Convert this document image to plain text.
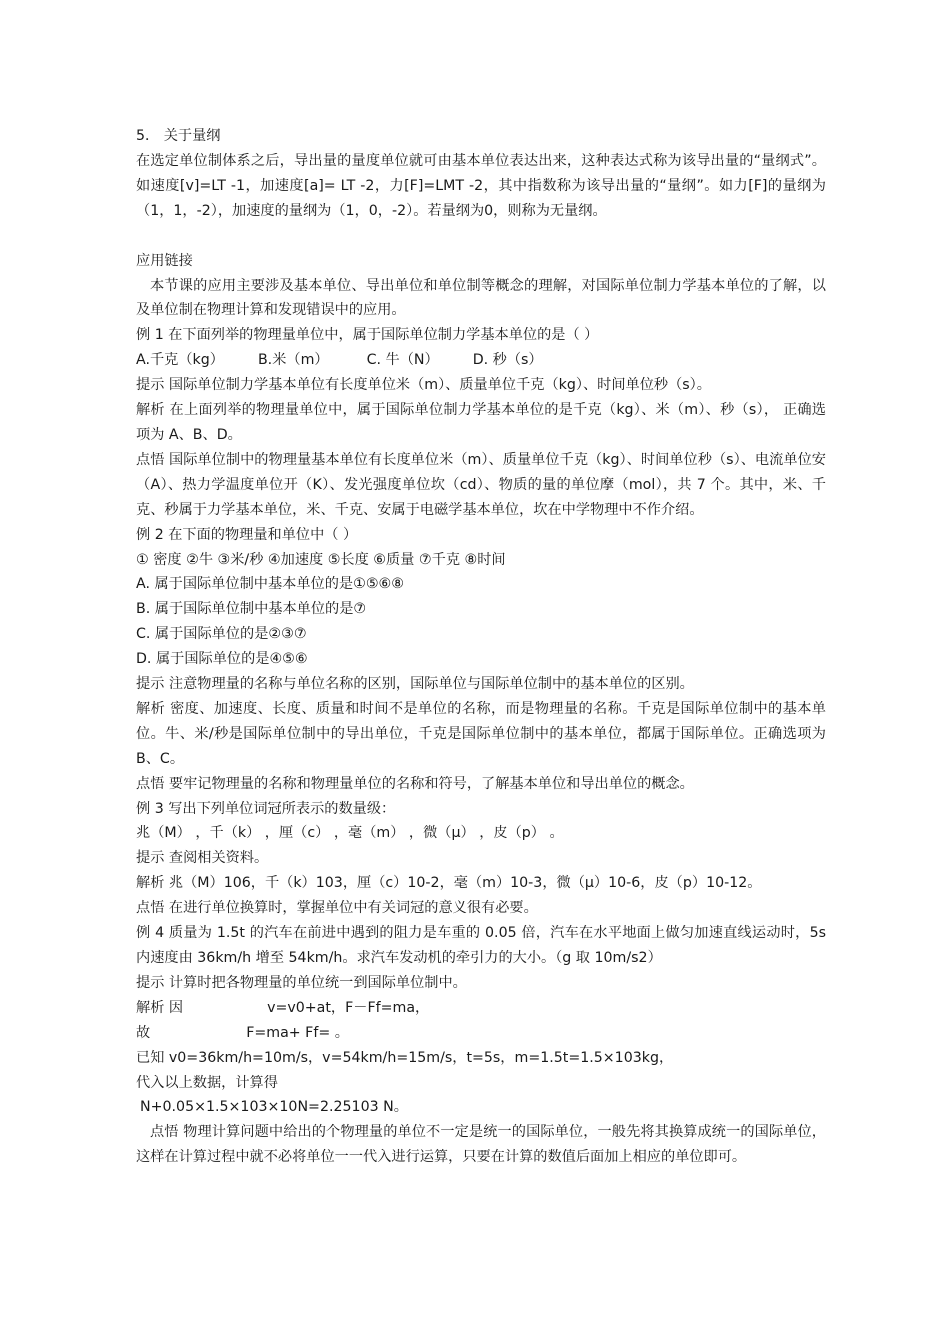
5． 关于量纲

在选定单位制体系之后，导出量的量度单位就可由基本单位表达出来，这种表达式称为该导出量的“量纲式”。如速度[v]=LT -1，加速度[a]= LT -2，力[F]=LMT -2，其中指数称为该导出量的“量纲”。如力[F]的量纲为（1，1，-2），加速度的量纲为（1，0，-2）。若量纲为0，则称为无量纲。

应用链接

本节课的应用主要涉及基本单位、导出单位和单位制等概念的理解，对国际单位制力学基本单位的了解，以及单位制在物理计算和发现错误中的应用。

例 1 在下面列举的物理量单位中，属于国际单位制力学基本单位的是（ ）

A.千克（kg） B.米（m）	C. 牛（N） D. 秒（s）

提示 国际单位制力学基本单位有长度单位米（m）、质量单位千克（kg）、时间单位秒（s）。

解析 在上面列举的物理量单位中，属于国际单位制力学基本单位的是千克（kg）、米（m）、秒（s）， 正确选项为 A、B、D。

点悟 国际单位制中的物理量基本单位有长度单位米（m）、质量单位千克（kg）、时间单位秒（s）、电流单位安（A）、热力学温度单位开（K）、发光强度单位坎（cd）、物质的量的单位摩（mol），共 7 个。其中，米、千克、秒属于力学基本单位，米、千克、安属于电磁学基本单位，坎在中学物理中不作介绍。

例 2 在下面的物理量和单位中（ ）

① 密度 ②牛 ③米/秒 ④加速度 ⑤长度 ⑥质量 ⑦千克 ⑧时间

A. 属于国际单位制中基本单位的是①⑤⑥⑧

B. 属于国际单位制中基本单位的是⑦

C. 属于国际单位的是②③⑦

D. 属于国际单位的是④⑤⑥

提示 注意物理量的名称与单位名称的区别，国际单位与国际单位制中的基本单位的区别。

解析 密度、加速度、长度、质量和时间不是单位的名称，而是物理量的名称。千克是国际单位制中的基本单位。牛、米/秒是国际单位制中的导出单位，千克是国际单位制中的基本单位，都属于国际单位。正确选项为 B、C。

点悟 要牢记物理量的名称和物理量单位的名称和符号，了解基本单位和导出单位的概念。

例 3 写出下列单位词冠所表示的数量级：

兆（M） ，千（k） ，厘（c） ，毫（m） ，微（μ） ，皮（p） 。

提示 查阅相关资料。

解析 兆（M）106，千（k）103，厘（c）10-2，毫（m）10-3，微（μ）10-6，皮（p）10-12。

点悟 在进行单位换算时，掌握单位中有关词冠的意义很有必要。

例 4 质量为 1.5t 的汽车在前进中遇到的阻力是车重的 0.05 倍，汽车在水平地面上做匀加速直线运动时，5s 内速度由 36km/h 增至 54km/h。求汽车发动机的牵引力的大小。（g 取 10m/s2）

提示 计算时把各物理量的单位统一到国际单位制中。

解析 因	v=v0+at，F－Ff=ma，

故	F=ma+ Ff= 。

已知 v0=36km/h=10m/s，v=54km/h=15m/s，t=5s，m=1.5t=1.5×103kg，

代入以上数据，计算得

N+0.05×1.5×103×10N=2.25103 N。

点悟 物理计算问题中给出的个物理量的单位不一定是统一的国际单位，一般先将其换算成统一的国际单位，这样在计算过程中就不必将单位一一代入进行运算，只要在计算的数值后面加上相应的单位即可。
